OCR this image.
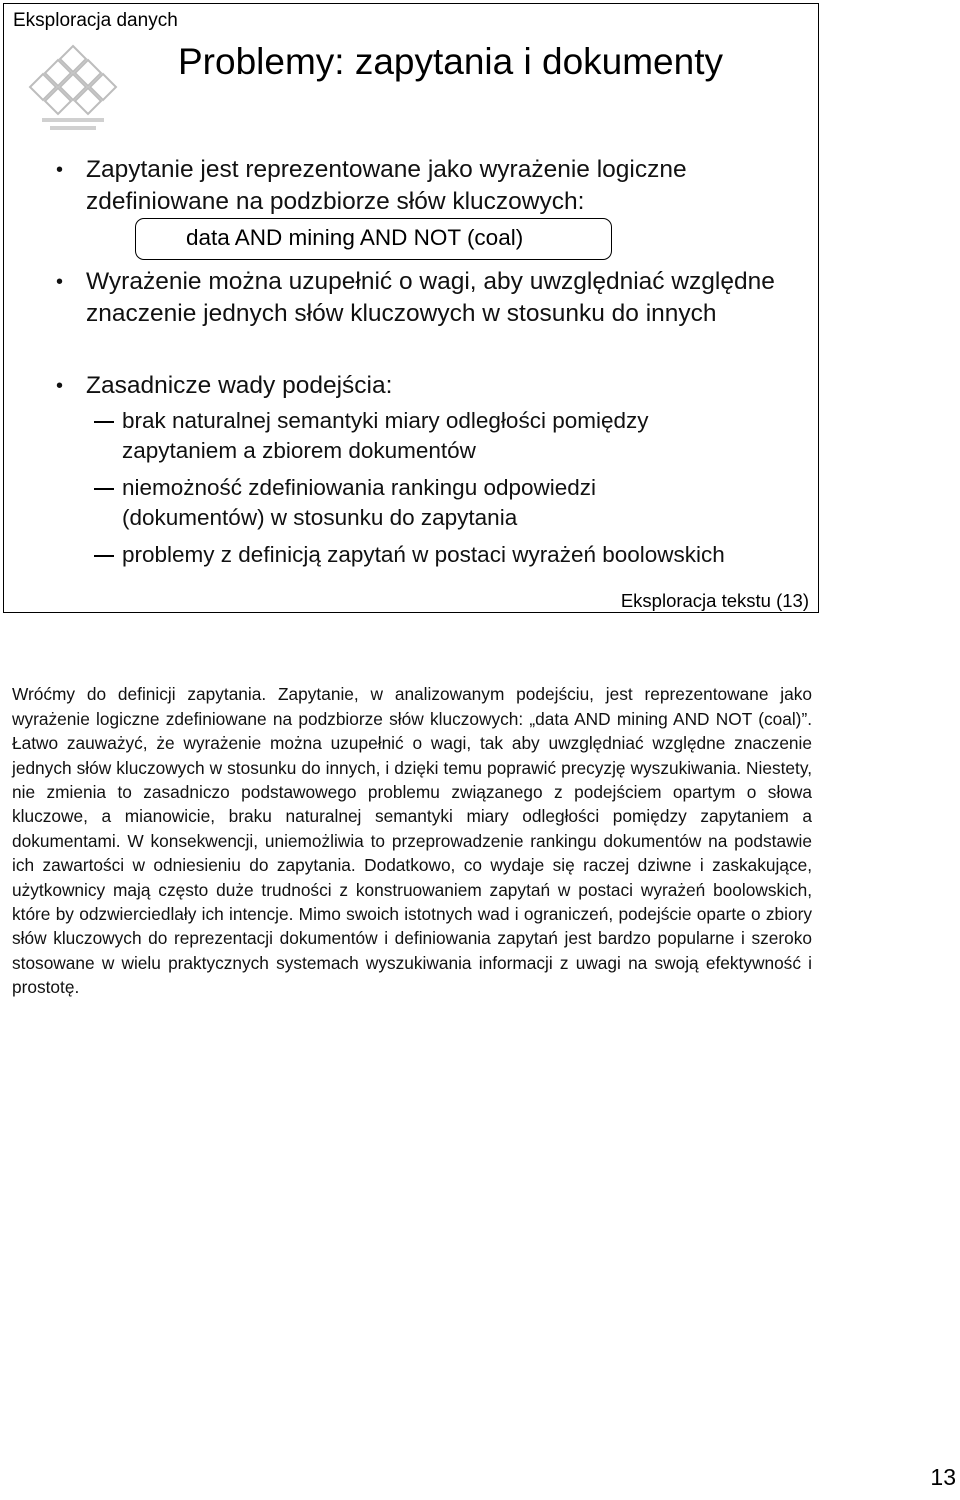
Eksploracja danych
Problemy: zapytania i dokumenty
• Zapytanie jest reprezentowane jako wyrażenie logiczne zdefiniowane na podzbiorze słów kluczowych:
data AND mining AND NOT (coal)
• Wyrażenie można uzupełnić o wagi, aby uwzględniać względne znaczenie jednych słów kluczowych w stosunku do innych
• Zasadnicze wady podejścia:
brak naturalnej semantyki miary odległości pomiędzy zapytaniem a zbiorem dokumentów
niemożność zdefiniowania rankingu odpowiedzi (dokumentów) w stosunku do zapytania
problemy z definicją zapytań w postaci wyrażeń boolowskich
Eksploracja tekstu (13)

Wróćmy do definicji zapytania. Zapytanie, w analizowanym podejściu, jest reprezentowane jako wyrażenie logiczne zdefiniowane na podzbiorze słów kluczowych: „data AND mining AND NOT (coal)”. Łatwo zauważyć, że wyrażenie można uzupełnić o wagi, tak aby uwzględniać względne znaczenie jednych słów kluczowych w stosunku do innych, i dzięki temu poprawić precyzję wyszukiwania. Niestety, nie zmienia to zasadniczo podstawowego problemu związanego z podejściem opartym o słowa kluczowe, a mianowicie, braku naturalnej semantyki miary odległości pomiędzy zapytaniem a dokumentami. W konsekwencji, uniemożliwia to przeprowadzenie rankingu dokumentów na podstawie ich zawartości w odniesieniu do zapytania. Dodatkowo, co wydaje się raczej dziwne i zaskakujące, użytkownicy mają często duże trudności z konstruowaniem zapytań w postaci wyrażeń boolowskich, które by odzwierciedlały ich intencje. Mimo swoich istotnych wad i ograniczeń, podejście oparte o zbiory słów kluczowych do reprezentacji dokumentów i definiowania zapytań jest bardzo popularne i szeroko stosowane w wielu praktycznych systemach wyszukiwania informacji z uwagi na swoją efektywność i prostotę.

13
